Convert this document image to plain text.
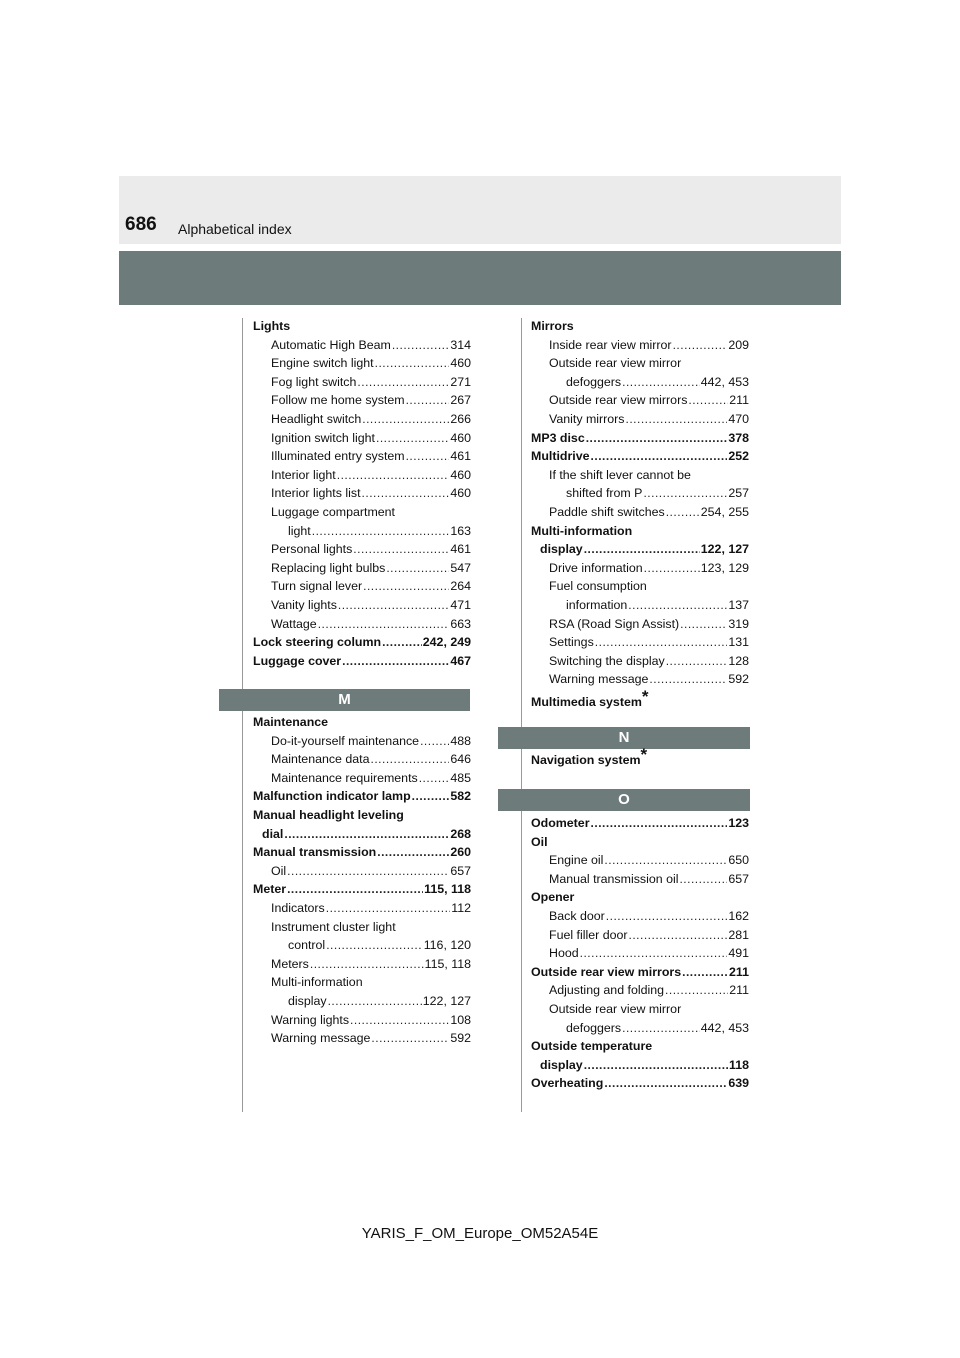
686 Alphabetical index
Lights
Automatic High Beam .....	314
Engine switch light .....	460
Fog light switch .....	271
Follow me home system .....	267
Headlight switch .....	266
Ignition switch light .....	460
Illuminated entry system .....	461
Interior light .....	460
Interior lights list .....	460
Luggage compartment
light .....	163
Personal lights .....	461
Replacing light bulbs .....	547
Turn signal lever .....	264
Vanity lights .....	471
Wattage .....	663
Lock steering column .....	242, 249
Luggage cover .....	467
M
Maintenance
Do-it-yourself maintenance .....	488
Maintenance data .....	646
Maintenance requirements .....	485
Malfunction indicator lamp .....	582
Manual headlight leveling
dial .....	268
Manual transmission .....	260
Oil .....	657
Meter .....	115, 118
Indicators .....	112
Instrument cluster light
control .....	116, 120
Meters .....	115, 118
Multi-information
display .....	122, 127
Warning lights .....	108
Warning message .....	592
Mirrors
Inside rear view mirror .....	209
Outside rear view mirror
defoggers .....	442, 453
Outside rear view mirrors .....	211
Vanity mirrors .....	470
MP3 disc .....	378
Multidrive .....	252
If the shift lever cannot be
shifted from P .....	257
Paddle shift switches .....	254, 255
Multi-information
display .....	122, 127
Drive information .....	123, 129
Fuel consumption
information .....	137
RSA (Road Sign Assist) .....	319
Settings .....	131
Switching the display .....	128
Warning message .....	592
Multimedia system*
N
Navigation system*
O
Odometer .....	123
Oil
Engine oil .....	650
Manual transmission oil .....	657
Opener
Back door .....	162
Fuel filler door .....	281
Hood .....	491
Outside rear view mirrors .....	211
Adjusting and folding .....	211
Outside rear view mirror
defoggers .....	442, 453
Outside temperature
display .....	118
Overheating .....	639
YARIS_F_OM_Europe_OM52A54E
